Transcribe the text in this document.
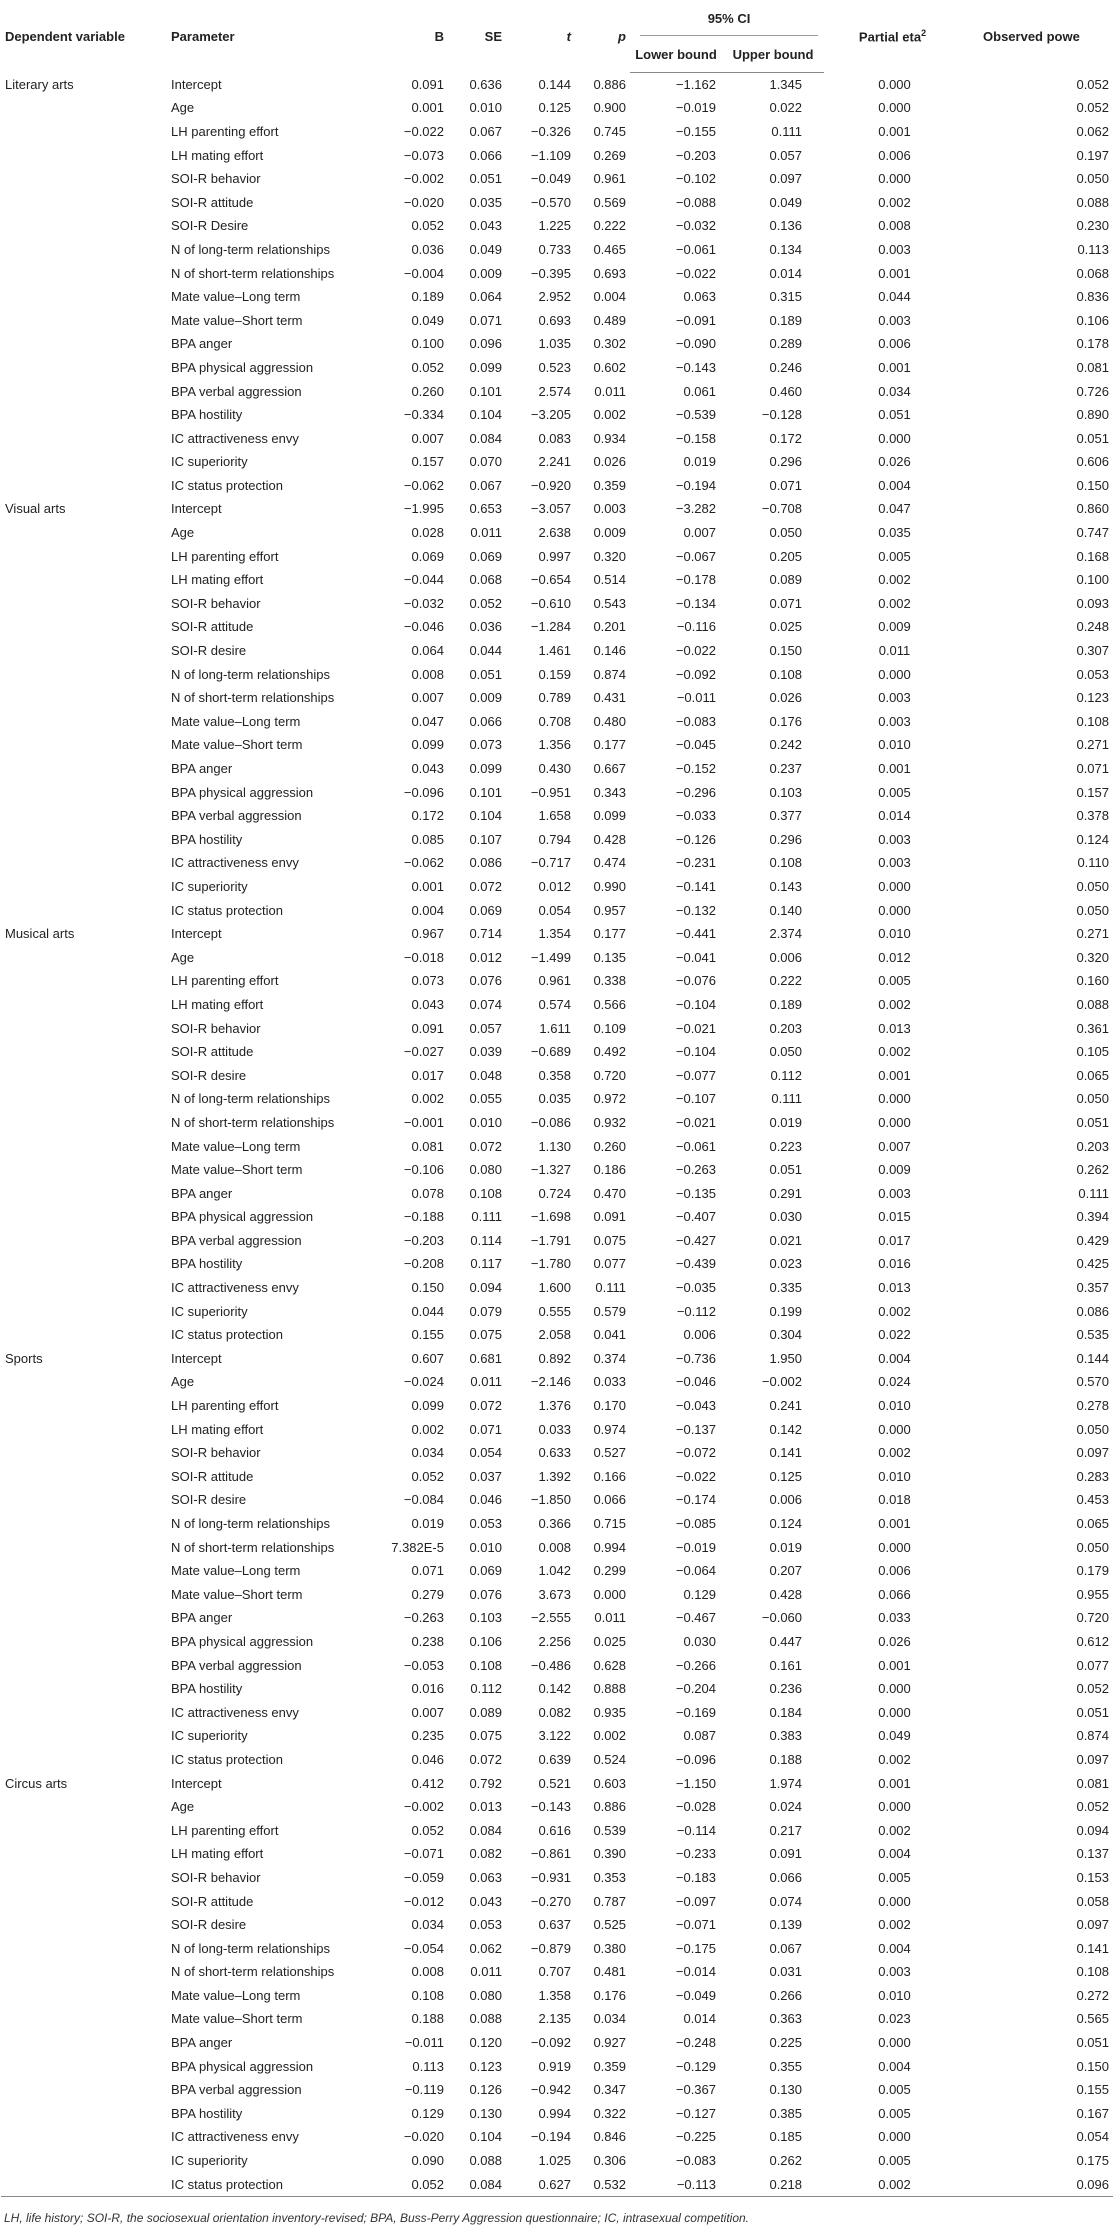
Dependent variable	Parameter	B	SE	t	p	95% CI		Partial eta$^2$	Observed powe
						Lower bound	Upper bound		
Literary arts	Intercept	0.091	0.636	0.144	0.886	−1.162	1.345	0.000	0.052
	Age	0.001	0.010	0.125	0.900	−0.019	0.022	0.000	0.052
	LH parenting effort	−0.022	0.067	−0.326	0.745	−0.155	0.111	0.001	0.062
	LH mating effort	−0.073	0.066	−1.109	0.269	−0.203	0.057	0.006	0.197
	SOI-R behavior	−0.002	0.051	−0.049	0.961	−0.102	0.097	0.000	0.050
	SOI-R attitude	−0.020	0.035	−0.570	0.569	−0.088	0.049	0.002	0.088
	SOI-R Desire	0.052	0.043	1.225	0.222	−0.032	0.136	0.008	0.230
	N of long-term relationships	0.036	0.049	0.733	0.465	−0.061	0.134	0.003	0.113
	N of short-term relationships	−0.004	0.009	−0.395	0.693	−0.022	0.014	0.001	0.068
	Mate value–Long term	0.189	0.064	2.952	0.004	0.063	0.315	0.044	0.836
	Mate value–Short term	0.049	0.071	0.693	0.489	−0.091	0.189	0.003	0.106
	BPA anger	0.100	0.096	1.035	0.302	−0.090	0.289	0.006	0.178
	BPA physical aggression	0.052	0.099	0.523	0.602	−0.143	0.246	0.001	0.081
	BPA verbal aggression	0.260	0.101	2.574	0.011	0.061	0.460	0.034	0.726
	BPA hostility	−0.334	0.104	−3.205	0.002	−0.539	−0.128	0.051	0.890
	IC attractiveness envy	0.007	0.084	0.083	0.934	−0.158	0.172	0.000	0.051
	IC superiority	0.157	0.070	2.241	0.026	0.019	0.296	0.026	0.606
	IC status protection	−0.062	0.067	−0.920	0.359	−0.194	0.071	0.004	0.150
Visual arts	Intercept	−1.995	0.653	−3.057	0.003	−3.282	−0.708	0.047	0.860
	Age	0.028	0.011	2.638	0.009	0.007	0.050	0.035	0.747
	LH parenting effort	0.069	0.069	0.997	0.320	−0.067	0.205	0.005	0.168
	LH mating effort	−0.044	0.068	−0.654	0.514	−0.178	0.089	0.002	0.100
	SOI-R behavior	−0.032	0.052	−0.610	0.543	−0.134	0.071	0.002	0.093
	SOI-R attitude	−0.046	0.036	−1.284	0.201	−0.116	0.025	0.009	0.248
	SOI-R desire	0.064	0.044	1.461	0.146	−0.022	0.150	0.011	0.307
	N of long-term relationships	0.008	0.051	0.159	0.874	−0.092	0.108	0.000	0.053
	N of short-term relationships	0.007	0.009	0.789	0.431	−0.011	0.026	0.003	0.123
	Mate value–Long term	0.047	0.066	0.708	0.480	−0.083	0.176	0.003	0.108
	Mate value–Short term	0.099	0.073	1.356	0.177	−0.045	0.242	0.010	0.271
	BPA anger	0.043	0.099	0.430	0.667	−0.152	0.237	0.001	0.071
	BPA physical aggression	−0.096	0.101	−0.951	0.343	−0.296	0.103	0.005	0.157
	BPA verbal aggression	0.172	0.104	1.658	0.099	−0.033	0.377	0.014	0.378
	BPA hostility	0.085	0.107	0.794	0.428	−0.126	0.296	0.003	0.124
	IC attractiveness envy	−0.062	0.086	−0.717	0.474	−0.231	0.108	0.003	0.110
	IC superiority	0.001	0.072	0.012	0.990	−0.141	0.143	0.000	0.050
	IC status protection	0.004	0.069	0.054	0.957	−0.132	0.140	0.000	0.050
Musical arts	Intercept	0.967	0.714	1.354	0.177	−0.441	2.374	0.010	0.271
	Age	−0.018	0.012	−1.499	0.135	−0.041	0.006	0.012	0.320
	LH parenting effort	0.073	0.076	0.961	0.338	−0.076	0.222	0.005	0.160
	LH mating effort	0.043	0.074	0.574	0.566	−0.104	0.189	0.002	0.088
	SOI-R behavior	0.091	0.057	1.611	0.109	−0.021	0.203	0.013	0.361
	SOI-R attitude	−0.027	0.039	−0.689	0.492	−0.104	0.050	0.002	0.105
	SOI-R desire	0.017	0.048	0.358	0.720	−0.077	0.112	0.001	0.065
	N of long-term relationships	0.002	0.055	0.035	0.972	−0.107	0.111	0.000	0.050
	N of short-term relationships	−0.001	0.010	−0.086	0.932	−0.021	0.019	0.000	0.051
	Mate value–Long term	0.081	0.072	1.130	0.260	−0.061	0.223	0.007	0.203
	Mate value–Short term	−0.106	0.080	−1.327	0.186	−0.263	0.051	0.009	0.262
	BPA anger	0.078	0.108	0.724	0.470	−0.135	0.291	0.003	0.111
	BPA physical aggression	−0.188	0.111	−1.698	0.091	−0.407	0.030	0.015	0.394
	BPA verbal aggression	−0.203	0.114	−1.791	0.075	−0.427	0.021	0.017	0.429
	BPA hostility	−0.208	0.117	−1.780	0.077	−0.439	0.023	0.016	0.425
	IC attractiveness envy	0.150	0.094	1.600	0.111	−0.035	0.335	0.013	0.357
	IC superiority	0.044	0.079	0.555	0.579	−0.112	0.199	0.002	0.086
	IC status protection	0.155	0.075	2.058	0.041	0.006	0.304	0.022	0.535
Sports	Intercept	0.607	0.681	0.892	0.374	−0.736	1.950	0.004	0.144
	Age	−0.024	0.011	−2.146	0.033	−0.046	−0.002	0.024	0.570
	LH parenting effort	0.099	0.072	1.376	0.170	−0.043	0.241	0.010	0.278
	LH mating effort	0.002	0.071	0.033	0.974	−0.137	0.142	0.000	0.050
	SOI-R behavior	0.034	0.054	0.633	0.527	−0.072	0.141	0.002	0.097
	SOI-R attitude	0.052	0.037	1.392	0.166	−0.022	0.125	0.010	0.283
	SOI-R desire	−0.084	0.046	−1.850	0.066	−0.174	0.006	0.018	0.453
	N of long-term relationships	0.019	0.053	0.366	0.715	−0.085	0.124	0.001	0.065
	N of short-term relationships	7.382E-5	0.010	0.008	0.994	−0.019	0.019	0.000	0.050
	Mate value–Long term	0.071	0.069	1.042	0.299	−0.064	0.207	0.006	0.179
	Mate value–Short term	0.279	0.076	3.673	0.000	0.129	0.428	0.066	0.955
	BPA anger	−0.263	0.103	−2.555	0.011	−0.467	−0.060	0.033	0.720
	BPA physical aggression	0.238	0.106	2.256	0.025	0.030	0.447	0.026	0.612
	BPA verbal aggression	−0.053	0.108	−0.486	0.628	−0.266	0.161	0.001	0.077
	BPA hostility	0.016	0.112	0.142	0.888	−0.204	0.236	0.000	0.052
	IC attractiveness envy	0.007	0.089	0.082	0.935	−0.169	0.184	0.000	0.051
	IC superiority	0.235	0.075	3.122	0.002	0.087	0.383	0.049	0.874
	IC status protection	0.046	0.072	0.639	0.524	−0.096	0.188	0.002	0.097
Circus arts	Intercept	0.412	0.792	0.521	0.603	−1.150	1.974	0.001	0.081
	Age	−0.002	0.013	−0.143	0.886	−0.028	0.024	0.000	0.052
	LH parenting effort	0.052	0.084	0.616	0.539	−0.114	0.217	0.002	0.094
	LH mating effort	−0.071	0.082	−0.861	0.390	−0.233	0.091	0.004	0.137
	SOI-R behavior	−0.059	0.063	−0.931	0.353	−0.183	0.066	0.005	0.153
	SOI-R attitude	−0.012	0.043	−0.270	0.787	−0.097	0.074	0.000	0.058
	SOI-R desire	0.034	0.053	0.637	0.525	−0.071	0.139	0.002	0.097
	N of long-term relationships	−0.054	0.062	−0.879	0.380	−0.175	0.067	0.004	0.141
	N of short-term relationships	0.008	0.011	0.707	0.481	−0.014	0.031	0.003	0.108
	Mate value–Long term	0.108	0.080	1.358	0.176	−0.049	0.266	0.010	0.272
	Mate value–Short term	0.188	0.088	2.135	0.034	0.014	0.363	0.023	0.565
	BPA anger	−0.011	0.120	−0.092	0.927	−0.248	0.225	0.000	0.051
	BPA physical aggression	0.113	0.123	0.919	0.359	−0.129	0.355	0.004	0.150
	BPA verbal aggression	−0.119	0.126	−0.942	0.347	−0.367	0.130	0.005	0.155
	BPA hostility	0.129	0.130	0.994	0.322	−0.127	0.385	0.005	0.167
	IC attractiveness envy	−0.020	0.104	−0.194	0.846	−0.225	0.185	0.000	0.054
	IC superiority	0.090	0.088	1.025	0.306	−0.083	0.262	0.005	0.175
	IC status protection	0.052	0.084	0.627	0.532	−0.113	0.218	0.002	0.096
LH, life history; SOI-R, the sociosexual orientation inventory-revised; BPA, Buss-Perry Aggression questionnaire; IC, intrasexual competition.
